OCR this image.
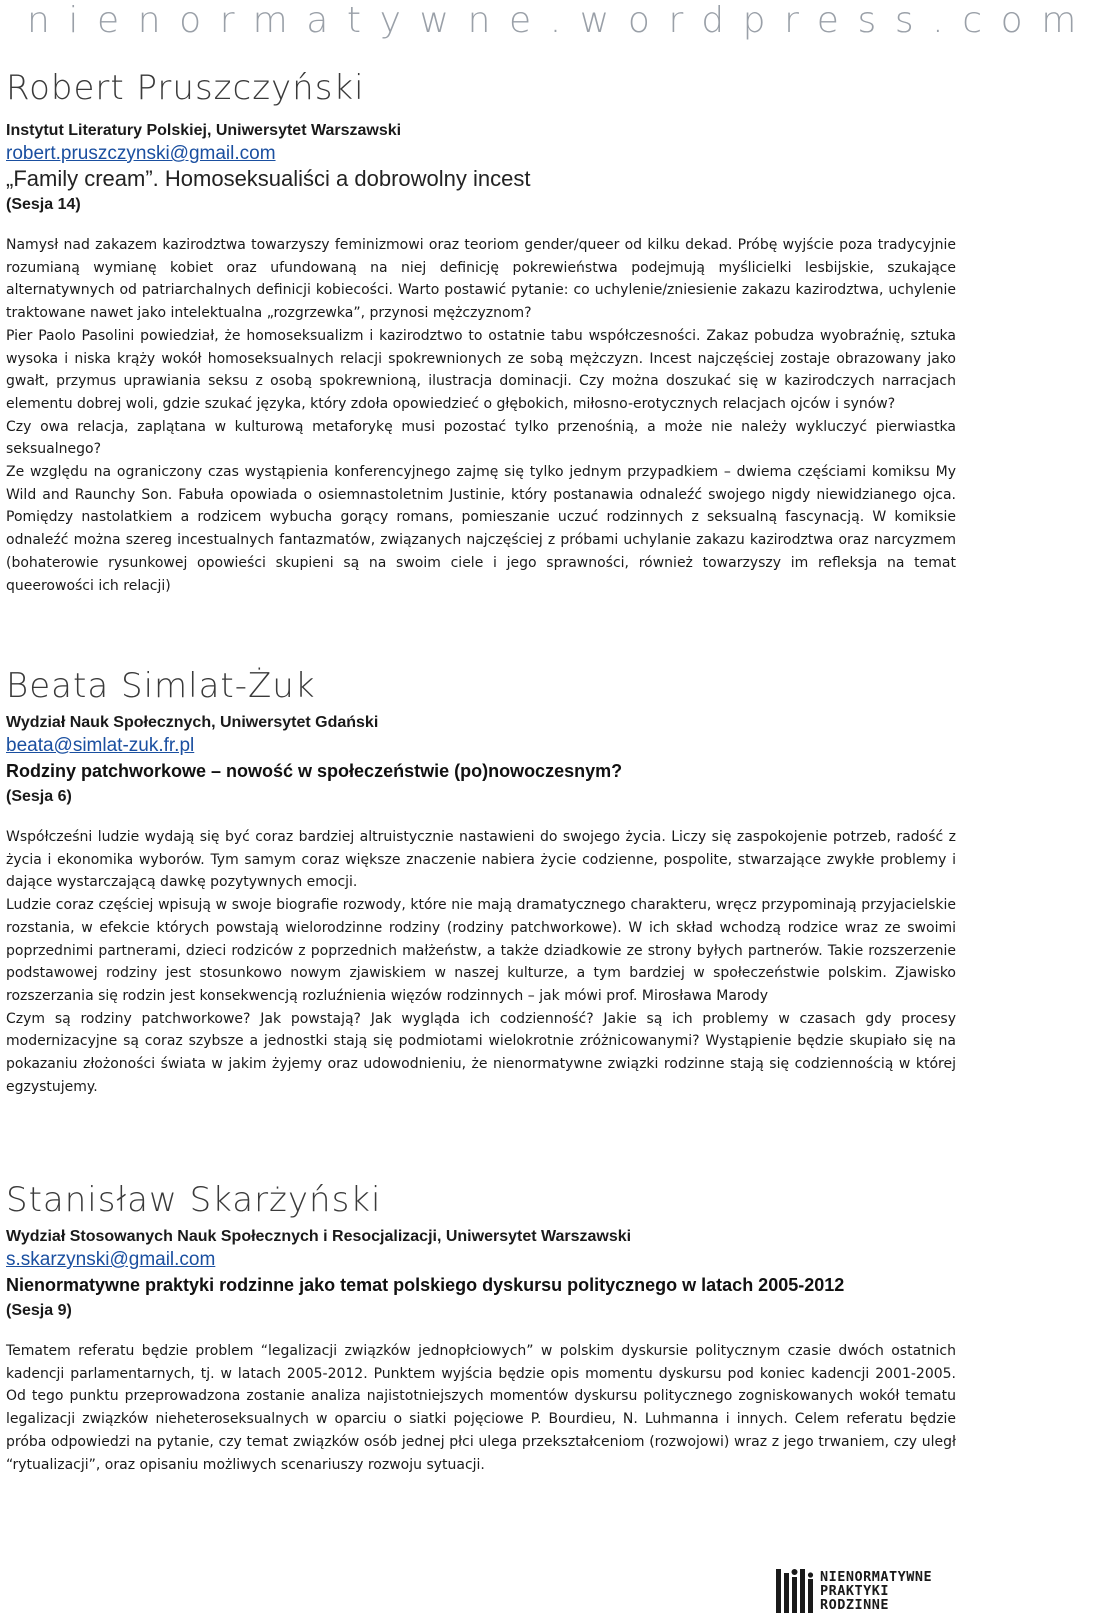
nienormatywne.wordpress.com
Robert Pruszczyński

Instytut Literatury Polskiej, Uniwersytet Warszawski

robert.pruszczynski@gmail.com

„Family cream”. Homoseksualiści a dobrowolny incest

(Sesja 14)

Namysł nad zakazem kazirodztwa towarzyszy feminizmowi oraz teoriom gender/queer od kilku dekad. Próbę wyjście poza tradycyjnie rozumianą wymianę kobiet oraz ufundowaną na niej definicję pokrewieństwa podejmują myślicielki lesbijskie, szukające alternatywnych od patriarchalnych definicji kobiecości. Warto postawić pytanie: co uchylenie/zniesienie zakazu kazirodztwa, uchylenie traktowane nawet jako intelektualna „rozgrzewka”, przynosi mężczyznom?

Pier Paolo Pasolini powiedział, że homoseksualizm i kazirodztwo to ostatnie tabu współczesności. Zakaz pobudza wyobraźnię, sztuka wysoka i niska krąży wokół homoseksualnych relacji spokrewnionych ze sobą mężczyzn. Incest najczęściej zostaje obrazowany jako gwałt, przymus uprawiania seksu z osobą spokrewnioną, ilustracja dominacji. Czy można doszukać się w kazirodczych narracjach elementu dobrej woli, gdzie szukać języka, który zdoła opowiedzieć o głębokich, miłosno-erotycznych relacjach ojców i synów?

Czy owa relacja, zaplątana w kulturową metaforykę musi pozostać tylko przenośnią, a może nie należy wykluczyć pierwiastka seksualnego?

Ze względu na ograniczony czas wystąpienia konferencyjnego zajmę się tylko jednym przypadkiem – dwiema częściami komiksu My Wild and Raunchy Son. Fabuła opowiada o osiemnastoletnim Justinie, który postanawia odnaleźć swojego nigdy niewidzianego ojca. Pomiędzy nastolatkiem a rodzicem wybucha gorący romans, pomieszanie uczuć rodzinnych z seksualną fascynacją. W komiksie odnaleźć można szereg incestualnych fantazmatów, związanych najczęściej z próbami uchylanie zakazu kazirodztwa oraz narcyzmem (bohaterowie rysunkowej opowieści skupieni są na swoim ciele i jego sprawności, również towarzyszy im refleksja na temat queerowości ich relacji)

Beata Simlat-Żuk

Wydział Nauk Społecznych, Uniwersytet Gdański

beata@simlat-zuk.fr.pl

Rodziny patchworkowe – nowość w społeczeństwie (po)nowoczesnym?

(Sesja 6)

Współcześni ludzie wydają się być coraz bardziej altruistycznie nastawieni do swojego życia. Liczy się zaspokojenie potrzeb, radość z życia i ekonomika wyborów. Tym samym coraz większe znaczenie nabiera życie codzienne, pospolite, stwarzające zwykłe problemy i dające wystarczającą dawkę pozytywnych emocji.

Ludzie coraz częściej wpisują w swoje biografie rozwody, które nie mają dramatycznego charakteru, wręcz przypominają przyjacielskie rozstania, w efekcie których powstają wielorodzinne rodziny (rodziny patchworkowe). W ich skład wchodzą rodzice wraz ze swoimi poprzednimi partnerami, dzieci rodziców z poprzednich małżeństw, a także dziadkowie ze strony byłych partnerów. Takie rozszerzenie podstawowej rodziny jest stosunkowo nowym zjawiskiem w naszej kulturze, a tym bardziej w społeczeństwie polskim. Zjawisko rozszerzania się rodzin jest konsekwencją rozluźnienia więzów rodzinnych – jak mówi prof. Mirosława Marody

Czym są rodziny patchworkowe? Jak powstają? Jak wygląda ich codzienność? Jakie są ich problemy w czasach gdy procesy modernizacyjne są coraz szybsze a jednostki stają się podmiotami wielokrotnie zróżnicowanymi? Wystąpienie będzie skupiało się na pokazaniu złożoności świata w jakim żyjemy oraz udowodnieniu, że nienormatywne związki rodzinne stają się codziennością w której egzystujemy.

Stanisław Skarżyński

Wydział Stosowanych Nauk Społecznych i Resocjalizacji, Uniwersytet Warszawski

s.skarzynski@gmail.com

Nienormatywne praktyki rodzinne jako temat polskiego dyskursu politycznego w latach 2005-2012

(Sesja 9)

Tematem referatu będzie problem “legalizacji związków jednopłciowych” w polskim dyskursie politycznym czasie dwóch ostatnich kadencji parlamentarnych, tj. w latach 2005-2012. Punktem wyjścia będzie opis momentu dyskursu pod koniec kadencji 2001-2005. Od tego punktu przeprowadzona zostanie analiza najistotniejszych momentów dyskursu politycznego zogniskowanych wokół tematu legalizacji związków nieheteroseksualnych w oparciu o siatki pojęciowe P. Bourdieu, N. Luhmanna i innych. Celem referatu będzie próba odpowiedzi na pytanie, czy temat związków osób jednej płci ulega przekształceniom (rozwojowi) wraz z jego trwaniem, czy uległ “rytualizacji”, oraz opisaniu możliwych scenariuszy rozwoju sytuacji.

NIENORMATYWNE
PRAKTYKI
RODZINNE
